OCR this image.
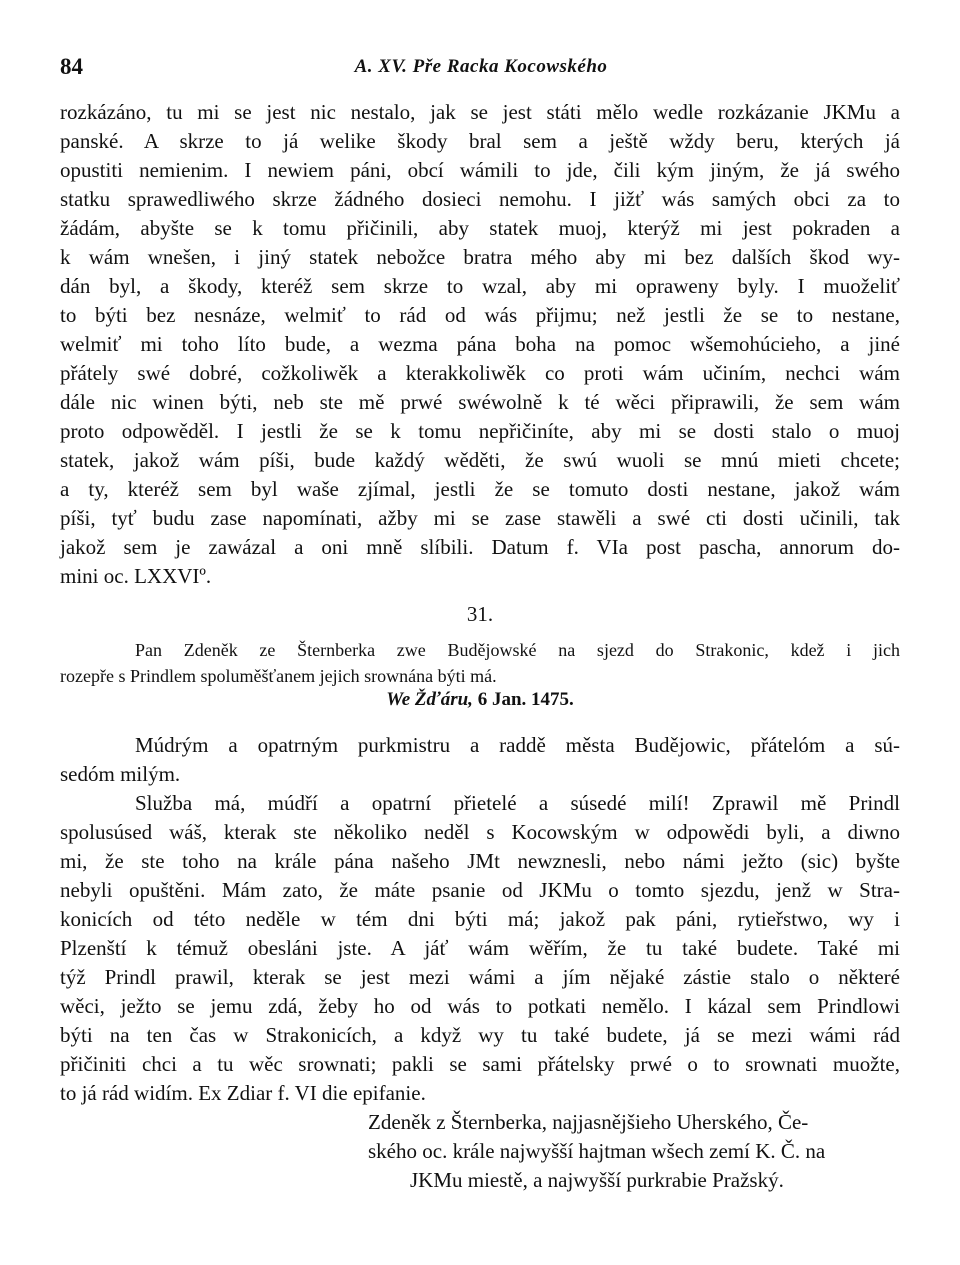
84	A. XV. Pře Racka Kocowského
rozkázáno, tu mi se jest nic nestalo, jak se jest státi mělo wedle rozkázanie JKMu a
panské. A skrze to já welike škody bral sem a ještě wždy beru, kterých já
opustiti nemienim. I newiem páni, obcí wámili to jde, čili kým jiným, že já swého
statku sprawedliwého skrze žádného dosieci nemohu. I jižť wás samých obci za to
žádám, abyšte se k tomu přičinili, aby statek muoj, kterýž mi jest pokraden a
k wám wnešen, i jiný statek nebožce bratra mého aby mi bez dalších škod wy-
dán byl, a škody, kteréž sem skrze to wzal, aby mi opraweny byly. I muoželiť
to býti bez nesnáze, welmiť to rád od wás přijmu; než jestli že se to nestane,
welmiť mi toho líto bude, a wezma pána boha na pomoc wšemohúcieho, a jiné
přátely swé dobré, cožkoliwěk a kterakkoliwěk co proti wám učiním, nechci wám
dále nic winen býti, neb ste mě prwé swéwolně k té wěci připrawili, že sem wám
proto odpowěděl. I jestli že se k tomu nepřičiníte, aby mi se dosti stalo o muoj
statek, jakož wám píši, bude každý wěděti, že swú wuoli se mnú mieti chcete;
a ty, kteréž sem byl waše zjímal, jestli že se tomuto dosti nestane, jakož wám
píši, tyť budu zase napomínati, ažby mi se zase stawěli a swé cti dosti učinili, tak
jakož sem je zawázal a oni mně slíbili. Datum f. VIa post pascha, annorum do-
mini oc. LXXVIº.
31.
Pan Zdeněk ze Šternberka zwe Budějowské na sjezd do Strakonic, kdež i jich
rozepře s Prindlem spoluměšťanem jejich srownána býti má.
We Žďáru, 6 Jan. 1475.
Múdrým a opatrným purkmistru a raddě města Budějowic, přátelóm a sú-
sedóm milým.
Služba má, múdří a opatrní přietelé a súsedé milí! Zprawil mě Prindl
spolusúsed wáš, kterak ste několiko neděl s Kocowským w odpowědi byli, a diwno
mi, že ste toho na krále pána našeho JMt newznesli, nebo námi ježto (sic) byšte
nebyli opuštěni. Mám zato, že máte psanie od JKMu o tomto sjezdu, jenž w Stra-
konicích od této neděle w tém dni býti má; jakož pak páni, rytieřstwo, wy i
Plzenští k témuž obesláni jste. A jáť wám wěřím, že tu také budete. Také mi
týž Prindl prawil, kterak se jest mezi wámi a jím nějaké zástie stalo o některé
wěci, ježto se jemu zdá, žeby ho od wás to potkati nemělo. I kázal sem Prindlowi
býti na ten čas w Strakonicích, a když wy tu také budete, já se mezi wámi rád
přičiniti chci a tu wěc srownati; pakli se sami přátelsky prwé o to srownati muožte,
to já rád widím. Ex Zdiar f. VI die epifanie.
Zdeněk z Šternberka, najjasnějšieho Uherského, Če-
ského oc. krále najwyšší hajtman wšech zemí K. Č. na
JKMu miestě, a najwyšší purkrabie Pražský.
